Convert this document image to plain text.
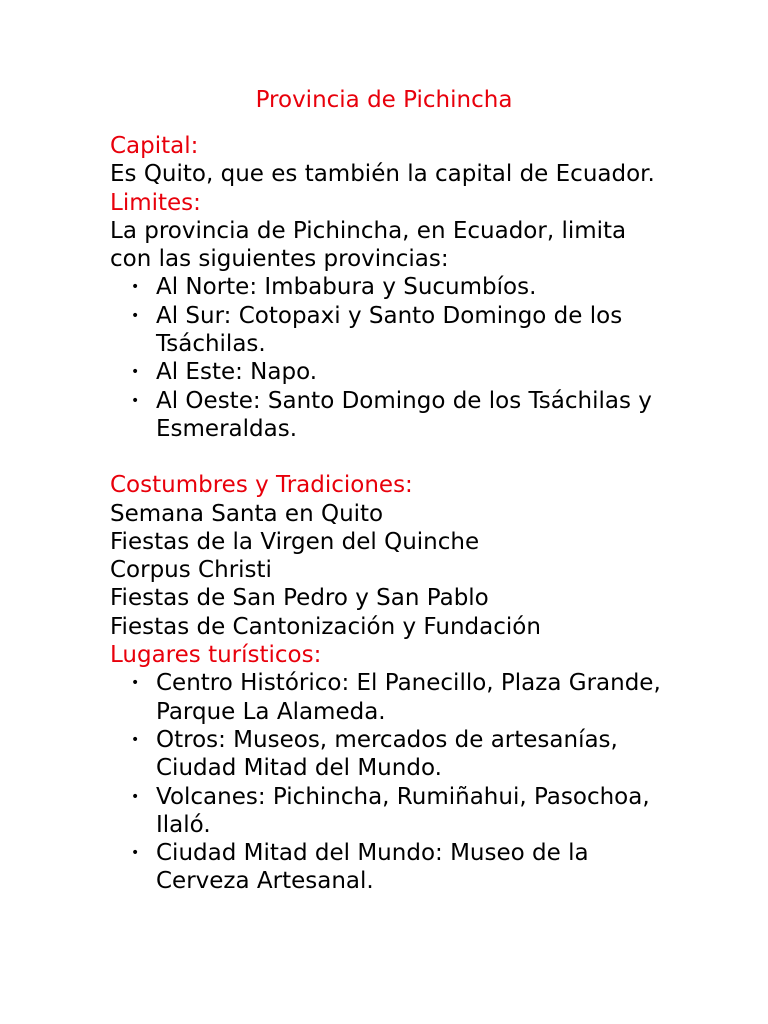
Provincia de Pichincha
Capital:

Es Quito, que es también la capital de Ecuador.

Limites:

La provincia de Pichincha, en Ecuador, limita con las siguientes provincias:

• Al Norte: Imbabura y Sucumbíos.
• Al Sur: Cotopaxi y Santo Domingo de los Tsáchilas.
• Al Este: Napo.
• Al Oeste: Santo Domingo de los Tsáchilas y Esmeraldas.
Costumbres y Tradiciones:

Semana Santa en Quito

Fiestas de la Virgen del Quinche

Corpus Christi

Fiestas de San Pedro y San Pablo

Fiestas de Cantonización y Fundación

Lugares turísticos:
• Centro Histórico: El Panecillo, Plaza Grande, Parque La Alameda.
• Otros: Museos, mercados de artesanías, Ciudad Mitad del Mundo.
• Volcanes: Pichincha, Rumiñahui, Pasochoa, Ilaló.
• Ciudad Mitad del Mundo: Museo de la Cerveza Artesanal.
